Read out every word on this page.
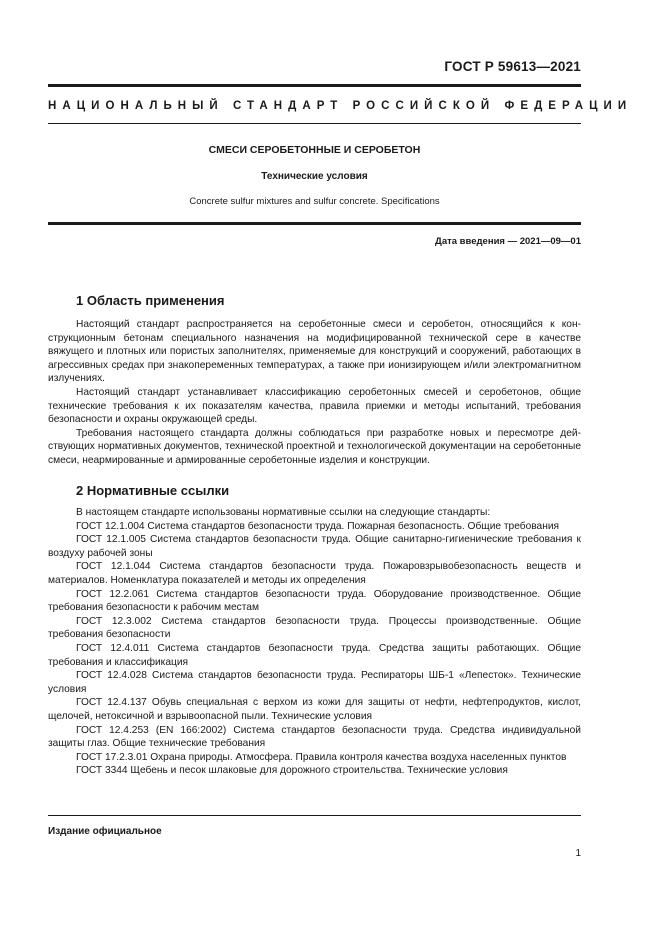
ГОСТ Р 59613—2021
НАЦИОНАЛЬНЫЙ СТАНДАРТ РОССИЙСКОЙ ФЕДЕРАЦИИ
СМЕСИ СЕРОБЕТОННЫЕ И СЕРОБЕТОН
Технические условия
Concrete sulfur mixtures and sulfur concrete. Specifications
Дата введения — 2021—09—01
1 Область применения

Настоящий стандарт распространяется на серобетонные смеси и серобетон, относящийся к конструкционным бетонам специального назначения на модифицированной технической сере в качестве вяжущего и плотных или пористых заполнителях, применяемые для конструкций и сооружений, работающих в агрессивных средах при знакопеременных температурах, а также при ионизирующем и/или электромагнитном излучениях.

Настоящий стандарт устанавливает классификацию серобетонных смесей и серобетонов, общие технические требования к их показателям качества, правила приемки и методы испытаний, требования безопасности и охраны окружающей среды.

Требования настоящего стандарта должны соблюдаться при разработке новых и пересмотре действующих нормативных документов, технической проектной и технологической документации на серобетонные смеси, неармированные и армированные серобетонные изделия и конструкции.

2 Нормативные ссылки

В настоящем стандарте использованы нормативные ссылки на следующие стандарты:

ГОСТ 12.1.004 Система стандартов безопасности труда. Пожарная безопасность. Общие требования

ГОСТ 12.1.005 Система стандартов безопасности труда. Общие санитарно-гигиенические требования к воздуху рабочей зоны

ГОСТ 12.1.044 Система стандартов безопасности труда. Пожаровзрывобезопасность веществ и материалов. Номенклатура показателей и методы их определения

ГОСТ 12.2.061 Система стандартов безопасности труда. Оборудование производственное. Общие требования безопасности к рабочим местам

ГОСТ 12.3.002 Система стандартов безопасности труда. Процессы производственные. Общие требования безопасности

ГОСТ 12.4.011 Система стандартов безопасности труда. Средства защиты работающих. Общие требования и классификация

ГОСТ 12.4.028 Система стандартов безопасности труда. Респираторы ШБ-1 «Лепесток». Технические условия

ГОСТ 12.4.137 Обувь специальная с верхом из кожи для защиты от нефти, нефтепродуктов, кислот, щелочей, нетоксичной и взрывоопасной пыли. Технические условия

ГОСТ 12.4.253 (EN 166:2002) Система стандартов безопасности труда. Средства индивидуальной защиты глаз. Общие технические требования

ГОСТ 17.2.3.01 Охрана природы. Атмосфера. Правила контроля качества воздуха населенных пунктов

ГОСТ 3344 Щебень и песок шлаковые для дорожного строительства. Технические условия

Издание официальное
1
